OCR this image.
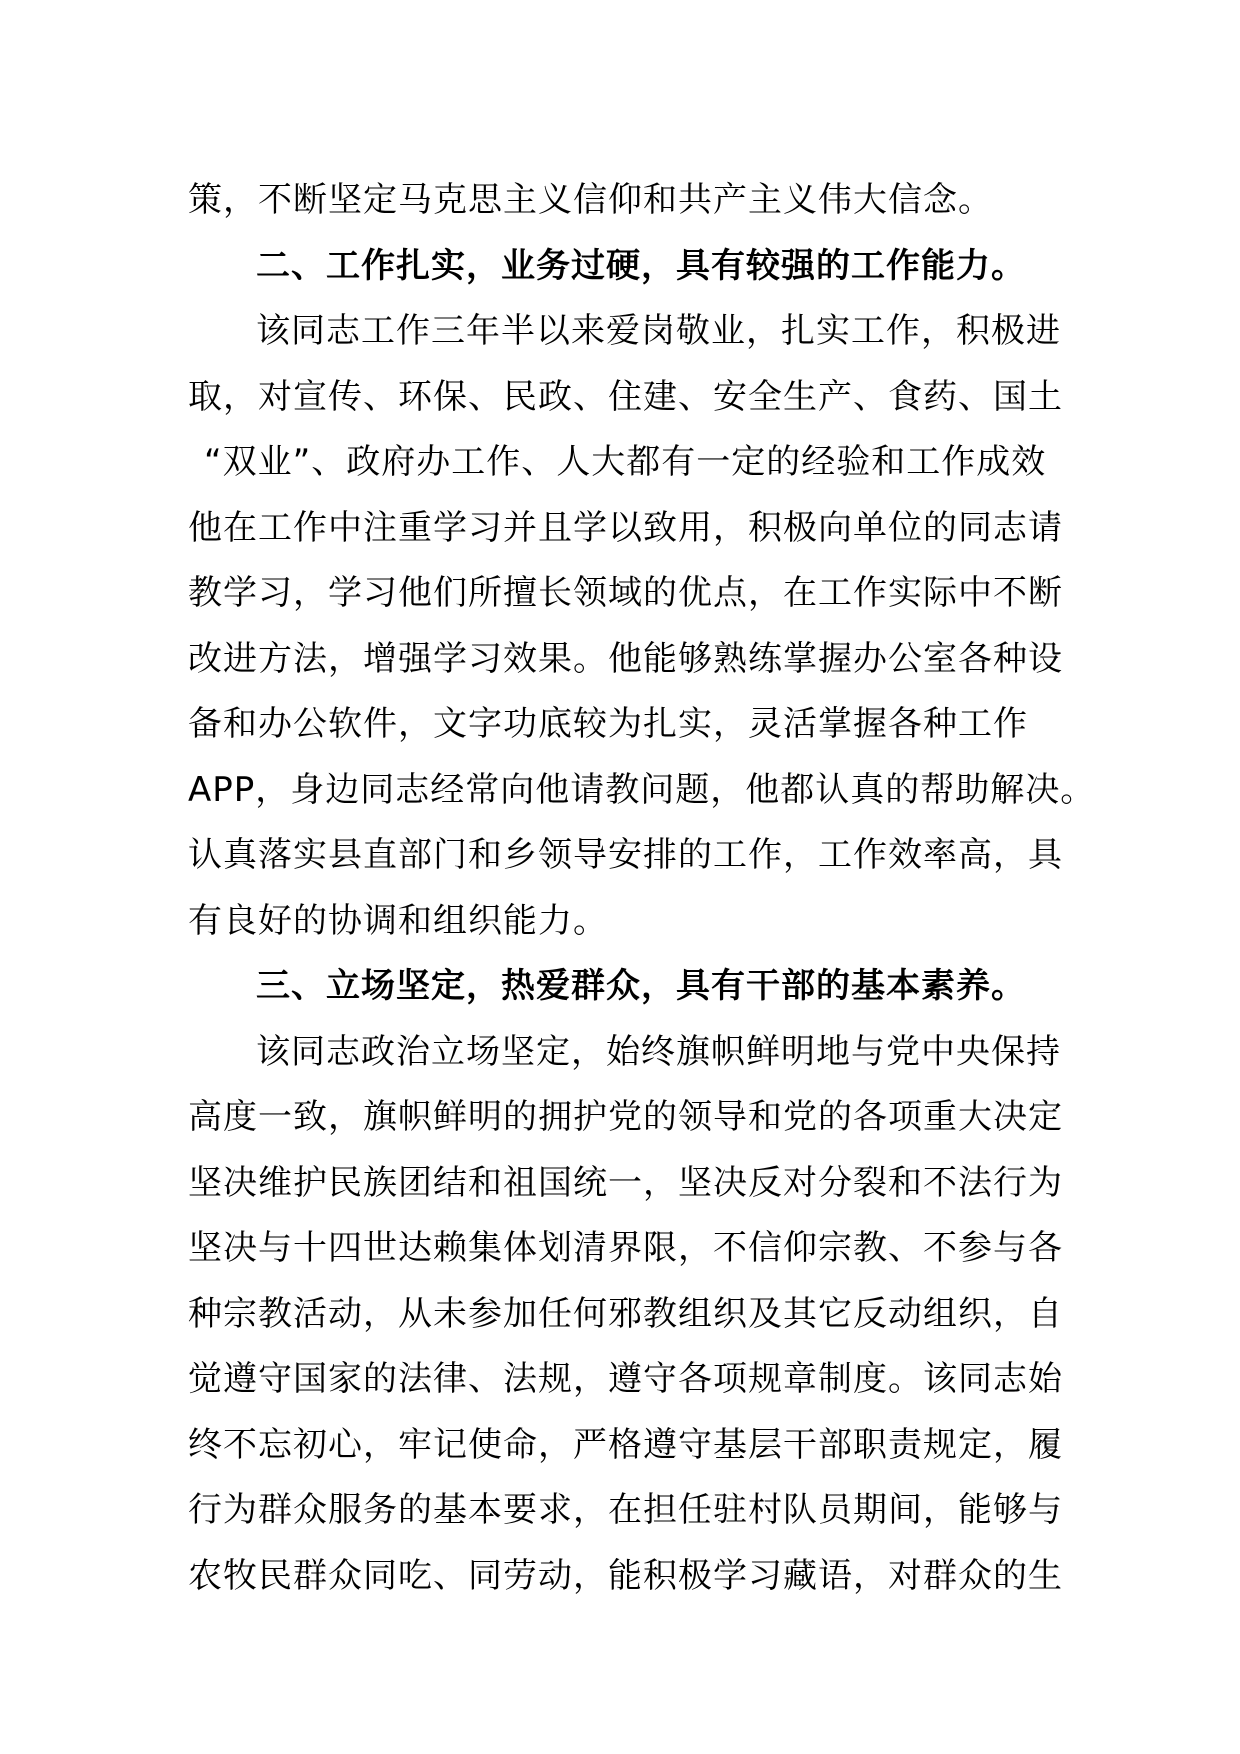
策，不断坚定马克思主义信仰和共产主义伟大信念。
二、工作扎实，业务过硬，具有较强的工作能力。
该同志工作三年半以来爱岗敬业，扎实工作，积极进
取，对宣传、环保、民政、住建、安全生产、食药、国土
“双业”、政府办工作、人大都有一定的经验和工作成效
他在工作中注重学习并且学以致用，积极向单位的同志请
教学习，学习他们所擅长领域的优点，在工作实际中不断
改进方法，增强学习效果。他能够熟练掌握办公室各种设
备和办公软件，文字功底较为扎实，灵活掌握各种工作
APP，身边同志经常向他请教问题，他都认真的帮助解决。
认真落实县直部门和乡领导安排的工作，工作效率高，具
有良好的协调和组织能力。
三、立场坚定，热爱群众，具有干部的基本素养。
该同志政治立场坚定，始终旗帜鲜明地与党中央保持
高度一致，旗帜鲜明的拥护党的领导和党的各项重大决定
坚决维护民族团结和祖国统一，坚决反对分裂和不法行为
坚决与十四世达赖集体划清界限，不信仰宗教、不参与各
种宗教活动，从未参加任何邪教组织及其它反动组织，自
觉遵守国家的法律、法规，遵守各项规章制度。该同志始
终不忘初心，牢记使命，严格遵守基层干部职责规定，履
行为群众服务的基本要求，在担任驻村队员期间，能够与
农牧民群众同吃、同劳动，能积极学习藏语，对群众的生
